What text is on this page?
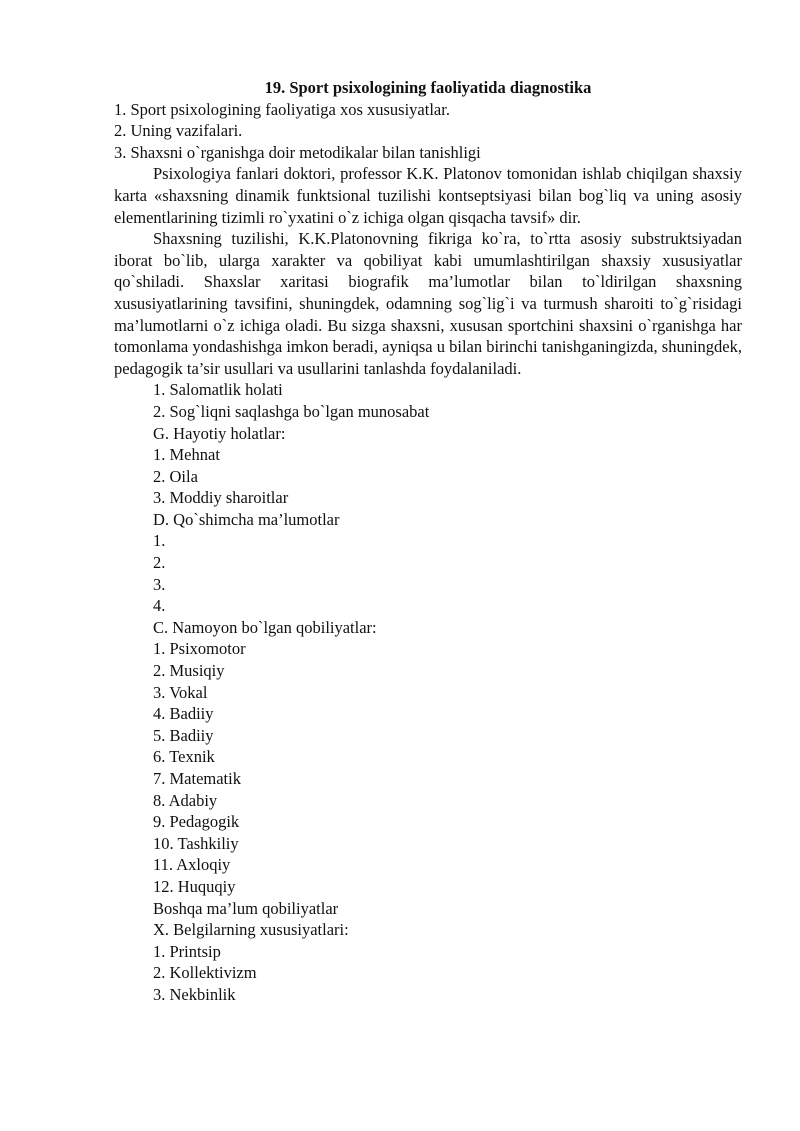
19. Sport psixologining faoliyatida diagnostika

1. Sport psixologining faoliyatiga xos xususiyatlar.

2. Uning vazifalari.

3. Shaxsni o`rganishga doir metodikalar bilan tanishligi

Psixologiya fanlari doktori, professor K.K. Platonov tomonidan ishlab chiqilgan shaxsiy karta «shaxsning dinamik funktsional tuzilishi kontseptsiyasi bilan bog`liq va uning asosiy elementlarining tizimli ro`yxatini o`z ichiga olgan qisqacha tavsif» dir.

Shaxsning tuzilishi, K.K.Platonovning fikriga ko`ra, to`rtta asosiy substruktsiyadan iborat bo`lib, ularga xarakter va qobiliyat kabi umumlashtirilgan shaxsiy xususiyatlar qo`shiladi. Shaxslar xaritasi biografik ma’lumotlar bilan to`ldirilgan shaxsning xususiyatlarining tavsifini, shuningdek, odamning sog`lig`i va turmush sharoiti to`g`risidagi ma’lumotlarni o`z ichiga oladi. Bu sizga shaxsni, xususan sportchini shaxsini o`rganishga har tomonlama yondashishga imkon beradi, ayniqsa u bilan birinchi tanishganingizda, shuningdek, pedagogik ta’sir usullari va usullarini tanlashda foydalaniladi.

1. Salomatlik holati

2. Sog`liqni saqlashga bo`lgan munosabat

G. Hayotiy holatlar:

1. Mehnat

2. Oila

3. Moddiy sharoitlar

D. Qo`shimcha ma’lumotlar

1.

2.

3.

4.

C. Namoyon bo`lgan qobiliyatlar:

1. Psixomotor

2. Musiqiy

3. Vokal

4. Badiiy

5. Badiiy

6. Texnik

7. Matematik

8. Adabiy

9. Pedagogik

10. Tashkiliy

11. Axloqiy

12. Huquqiy

Boshqa ma’lum qobiliyatlar

X. Belgilarning xususiyatlari:

1. Printsip

2. Kollektivizm

3. Nekbinlik
